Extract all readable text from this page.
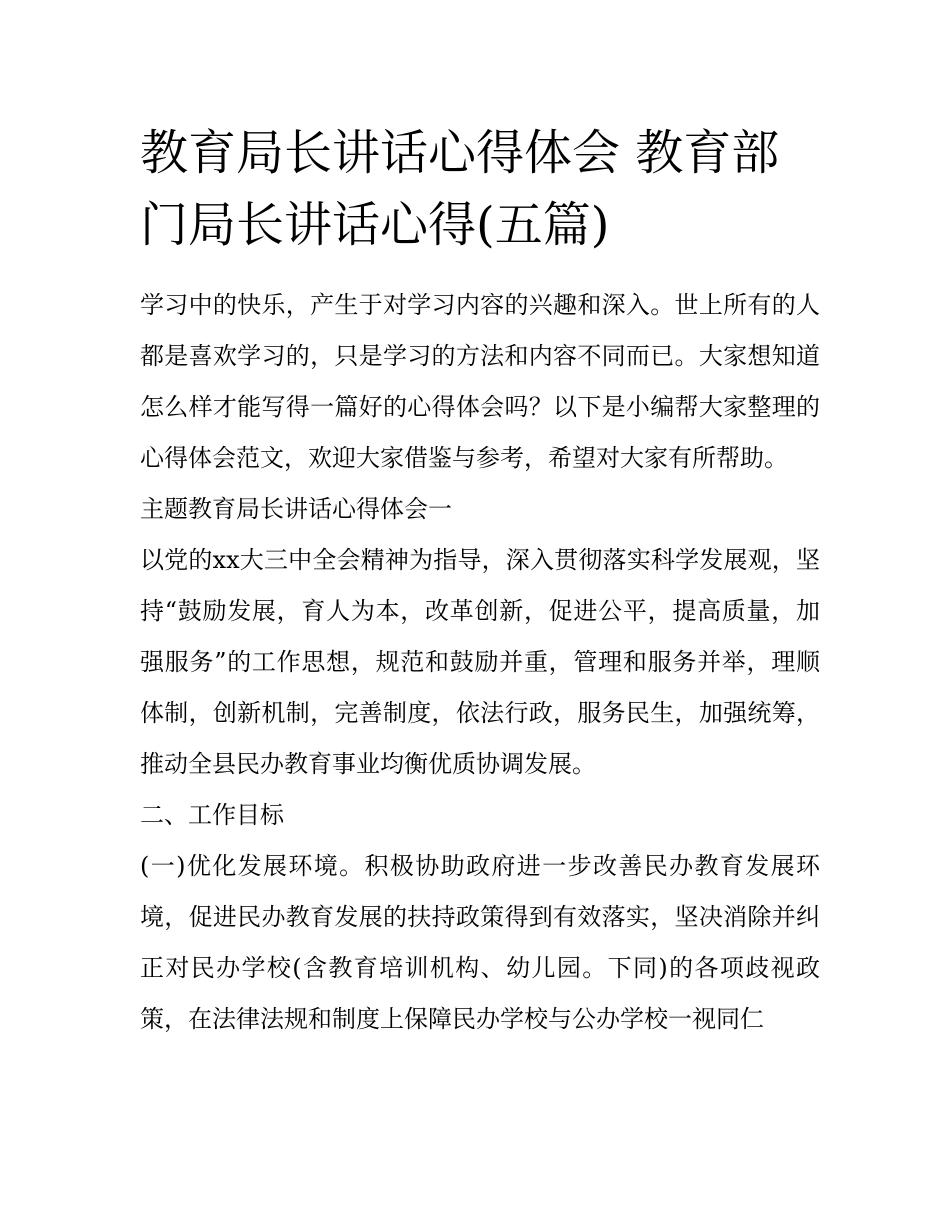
教育局长讲话心得体会 教育部门局长讲话心得(五篇)

学习中的快乐，产生于对学习内容的兴趣和深入。世上所有的人都是喜欢学习的，只是学习的方法和内容不同而已。大家想知道怎么样才能写得一篇好的心得体会吗？以下是小编帮大家整理的心得体会范文，欢迎大家借鉴与参考，希望对大家有所帮助。

主题教育局长讲话心得体会一

以党的xx大三中全会精神为指导，深入贯彻落实科学发展观，坚持“鼓励发展，育人为本，改革创新，促进公平，提高质量，加强服务”的工作思想，规范和鼓励并重，管理和服务并举，理顺体制，创新机制，完善制度，依法行政，服务民生，加强统筹，推动全县民办教育事业均衡优质协调发展。

二、工作目标

(一)优化发展环境。积极协助政府进一步改善民办教育发展环境，促进民办教育发展的扶持政策得到有效落实，坚决消除并纠正对民办学校(含教育培训机构、幼儿园。下同)的各项歧视政策，在法律法规和制度上保障民办学校与公办学校一视同仁
